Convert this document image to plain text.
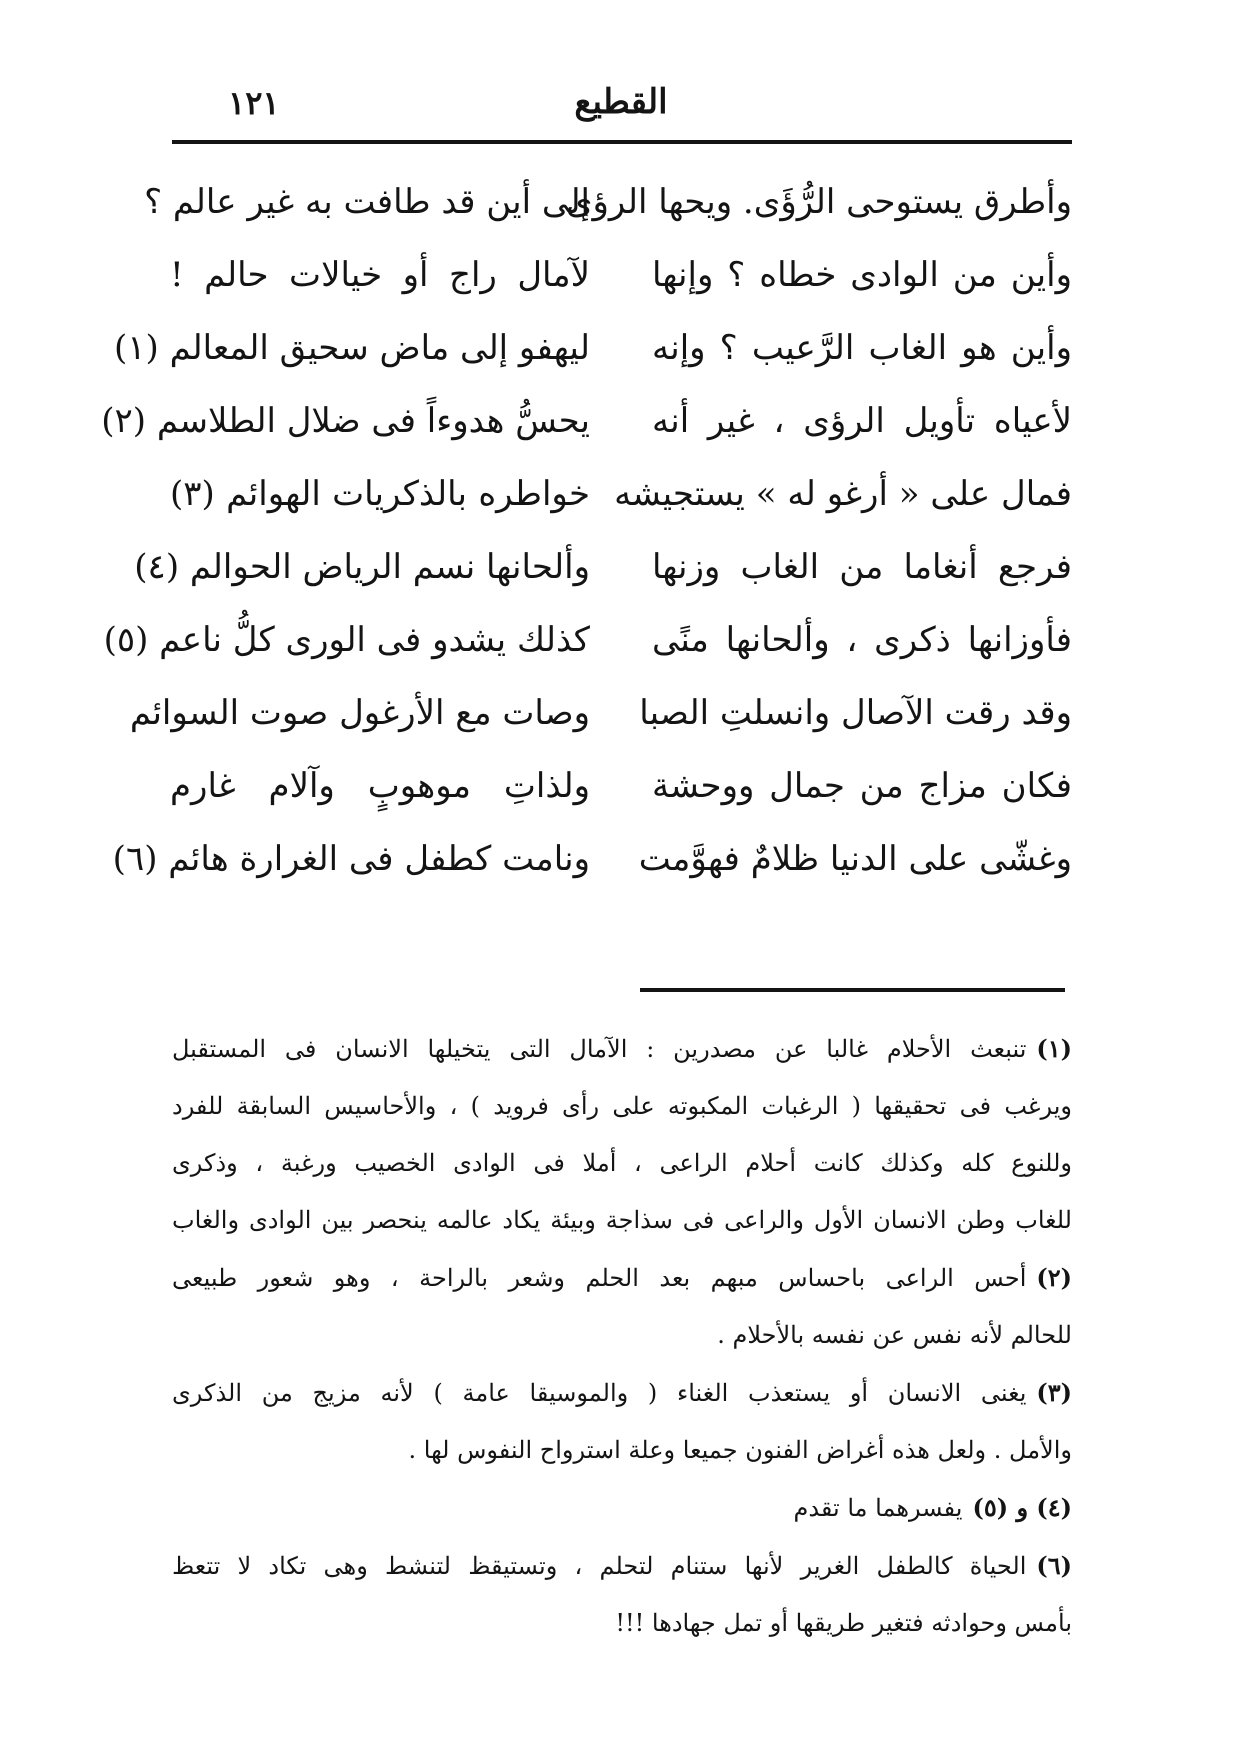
القطيع
١٢١
وأطرق يستوحى الرُّؤَى. ويحها الرؤى
إلى أين قد طافت به غير عالم ؟
وأين من الوادى خطاه ؟ وإنها
لآمال راج أو خيالات حالم !
وأين هو الغاب الرَّعيب ؟ وإنه
ليهفو إلى ماض سحيق المعالم (١)
لأعياه تأويل الرؤى ، غير أنه
يحسُّ هدوءاً فى ضلال الطلاسم (٢)
فمال على « أرغو له » يستجيشه
خواطره بالذكريات الهوائم (٣)
فرجع أنغاما من الغاب وزنها
وألحانها نسم الرياض الحوالم (٤)
فأوزانها ذكرى ، وألحانها منًى
كذلك يشدو فى الورى كلُّ ناعم (٥)
وقد رقت الآصال وانسلتِ الصبا
وصات مع الأرغول صوت السوائم
فكان مزاج من جمال ووحشة
ولذاتِ موهوبٍ وآلام غارم
وغشّى على الدنيا ظلامٌ فهوَّمت
ونامت كطفل فى الغرارة هائم (٦)

(١)تنبعث الأحلام غالبا عن مصدرين : الآمال التى يتخيلها الانسان فى المستقبل

ويرغب فى تحقيقها ( الرغبات المكبوته على رأى فرويد ) ، والأحاسيس السابقة للفرد

وللنوع كله وكذلك كانت أحلام الراعى ، أملا فى الوادى الخصيب ورغبة ، وذكرى

للغاب وطن الانسان الأول والراعى فى سذاجة وبيئة يكاد عالمه ينحصر بين الوادى والغاب

(٢)أحس الراعى باحساس مبهم بعد الحلم وشعر بالراحة ، وهو شعور طبيعى

للحالم لأنه نفس عن نفسه بالأحلام .

(٣)يغنى الانسان أو يستعذب الغناء ( والموسيقا عامة ) لأنه مزيج من الذكرى

والأمل . ولعل هذه أغراض الفنون جميعا وعلة استرواح النفوس لها .

(٤) و (٥)يفسرهما ما تقدم

(٦)الحياة كالطفل الغرير لأنها ستنام لتحلم ، وتستيقظ لتنشط وهى تكاد لا تتعظ

بأمس وحوادثه فتغير طريقها أو تمل جهادها !!!
